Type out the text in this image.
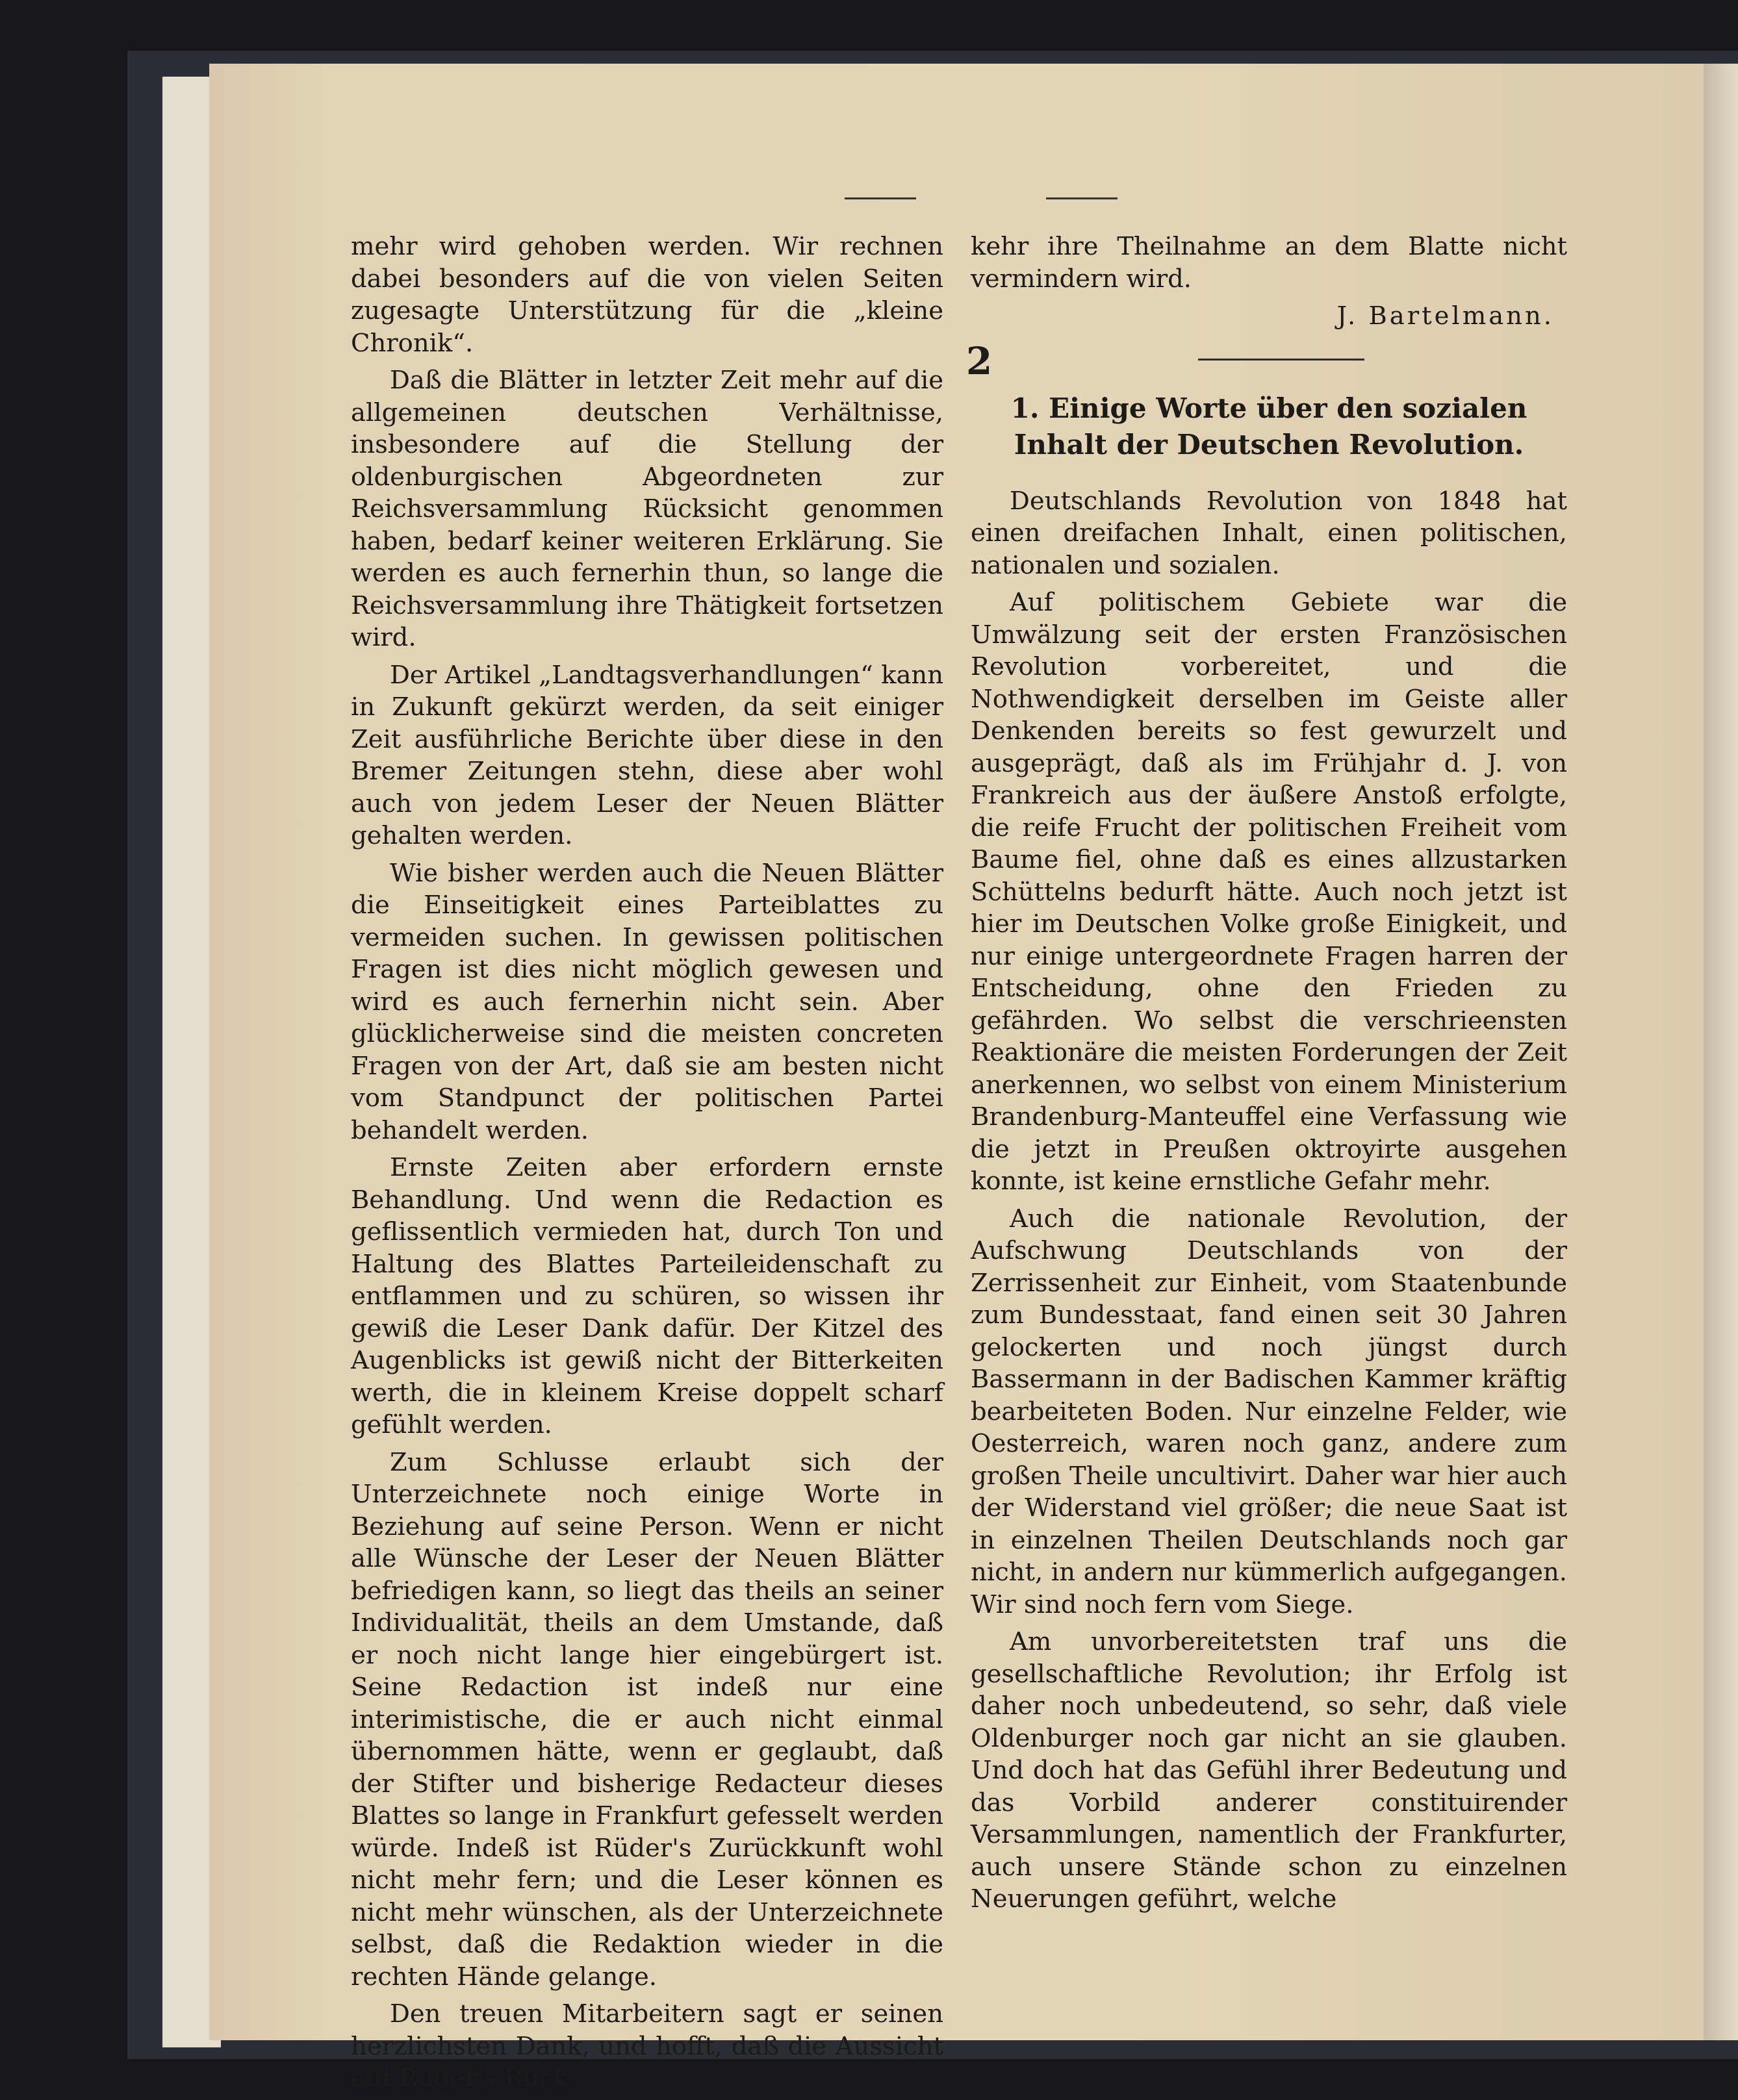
2

mehr wird gehoben werden. Wir rechnen dabei besonders auf die von vielen Seiten zugesagte Unterstützung für die „kleine Chronik“.

Daß die Blätter in letzter Zeit mehr auf die allgemeinen deutschen Verhältnisse, insbesondere auf die Stellung der oldenburgischen Abgeordneten zur Reichsversammlung Rücksicht genommen haben, bedarf keiner weiteren Erklärung. Sie werden es auch fernerhin thun, so lange die Reichsversammlung ihre Thätigkeit fortsetzen wird.

Der Artikel „Landtagsverhandlungen“ kann in Zukunft gekürzt werden, da seit einiger Zeit ausführliche Berichte über diese in den Bremer Zeitungen stehn, diese aber wohl auch von jedem Leser der Neuen Blätter gehalten werden.

Wie bisher werden auch die Neuen Blätter die Einseitigkeit eines Parteiblattes zu vermeiden suchen. In gewissen politischen Fragen ist dies nicht möglich gewesen und wird es auch fernerhin nicht sein. Aber glücklicherweise sind die meisten concreten Fragen von der Art, daß sie am besten nicht vom Standpunct der politischen Partei behandelt werden.

Ernste Zeiten aber erfordern ernste Behandlung. Und wenn die Redaction es geflissentlich vermieden hat, durch Ton und Haltung des Blattes Parteileidenschaft zu entflammen und zu schüren, so wissen ihr gewiß die Leser Dank dafür. Der Kitzel des Augenblicks ist gewiß nicht der Bitterkeiten werth, die in kleinem Kreise doppelt scharf gefühlt werden.

Zum Schlusse erlaubt sich der Unterzeichnete noch einige Worte in Beziehung auf seine Person. Wenn er nicht alle Wünsche der Leser der Neuen Blätter befriedigen kann, so liegt das theils an seiner Individualität, theils an dem Umstande, daß er noch nicht lange hier eingebürgert ist. Seine Redaction ist indeß nur eine interimistische, die er auch nicht einmal übernommen hätte, wenn er geglaubt, daß der Stifter und bisherige Redacteur dieses Blattes so lange in Frankfurt gefesselt werden würde. Indeß ist Rüder's Zurückkunft wohl nicht mehr fern; und die Leser können es nicht mehr wünschen, als der Unterzeichnete selbst, daß die Redaktion wieder in die rechten Hände gelange.

Den treuen Mitarbeitern sagt er seinen herzlichsten Dank, und hofft, daß die Aussicht auf Rüder's Rück-

kehr ihre Theilnahme an dem Blatte nicht vermindern wird.

J. Bartelmann.
1. Einige Worte über den sozialen Inhalt der Deutschen Revolution.

Deutschlands Revolution von 1848 hat einen dreifachen Inhalt, einen politischen, nationalen und sozialen.

Auf politischem Gebiete war die Umwälzung seit der ersten Französischen Revolution vorbereitet, und die Nothwendigkeit derselben im Geiste aller Denkenden bereits so fest gewurzelt und ausgeprägt, daß als im Frühjahr d. J. von Frankreich aus der äußere Anstoß erfolgte, die reife Frucht der politischen Freiheit vom Baume fiel, ohne daß es eines allzustarken Schüttelns bedurft hätte. Auch noch jetzt ist hier im Deutschen Volke große Einigkeit, und nur einige untergeordnete Fragen harren der Entscheidung, ohne den Frieden zu gefährden. Wo selbst die verschrieensten Reaktionäre die meisten Forderungen der Zeit anerkennen, wo selbst von einem Ministerium Brandenburg-Manteuffel eine Verfassung wie die jetzt in Preußen oktroyirte ausgehen konnte, ist keine ernstliche Gefahr mehr.

Auch die nationale Revolution, der Aufschwung Deutschlands von der Zerrissenheit zur Einheit, vom Staatenbunde zum Bundesstaat, fand einen seit 30 Jahren gelockerten und noch jüngst durch Bassermann in der Badischen Kammer kräftig bearbeiteten Boden. Nur einzelne Felder, wie Oesterreich, waren noch ganz, andere zum großen Theile uncultivirt. Daher war hier auch der Widerstand viel größer; die neue Saat ist in einzelnen Theilen Deutschlands noch gar nicht, in andern nur kümmerlich aufgegangen. Wir sind noch fern vom Siege.

Am unvorbereitetsten traf uns die gesellschaftliche Revolution; ihr Erfolg ist daher noch unbedeutend, so sehr, daß viele Oldenburger noch gar nicht an sie glauben. Und doch hat das Gefühl ihrer Bedeutung und das Vorbild anderer constituirender Versammlungen, namentlich der Frankfurter, auch unsere Stände schon zu einzelnen Neuerungen geführt, welche
